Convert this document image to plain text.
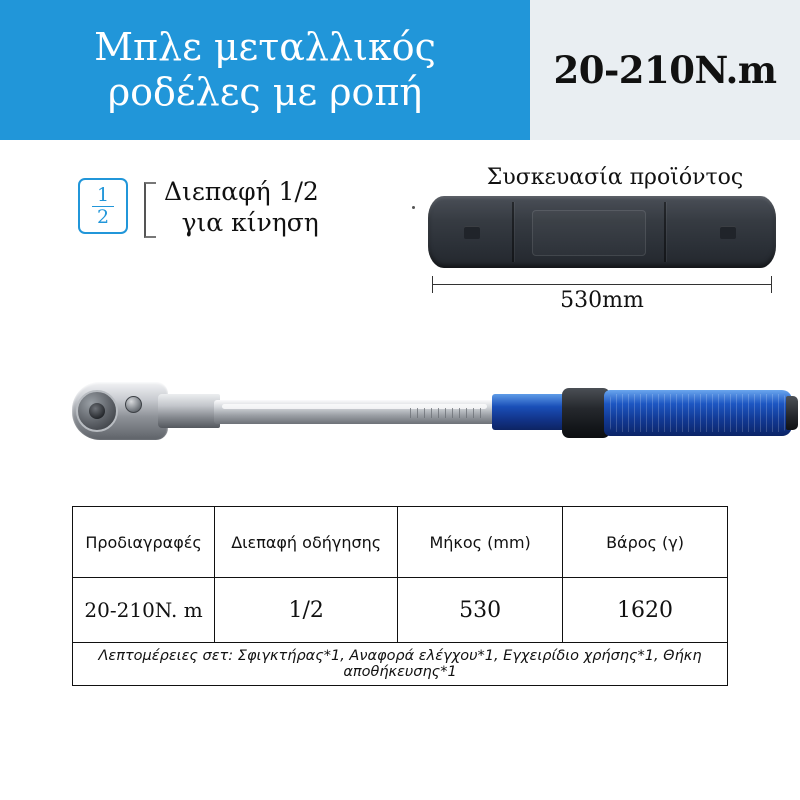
Μπλε μεταλλικός
ροδέλες με ροπή	20-210N.m
$\frac{1}{2}$ Διεπαφή 1/2
για κίνηση
Συσκευασία προϊόντος
530mm
Προδιαγραφές	Διεπαφή οδήγησης	Μήκος (mm)	Βάρος (γ)
20-210N. m	1/2	530	1620
Λεπτομέρειες σετ: Σφιγκτήρας*1, Αναφορά ελέγχου*1, Εγχειρίδιο χρήσης*1, Θήκη αποθήκευσης*1			
